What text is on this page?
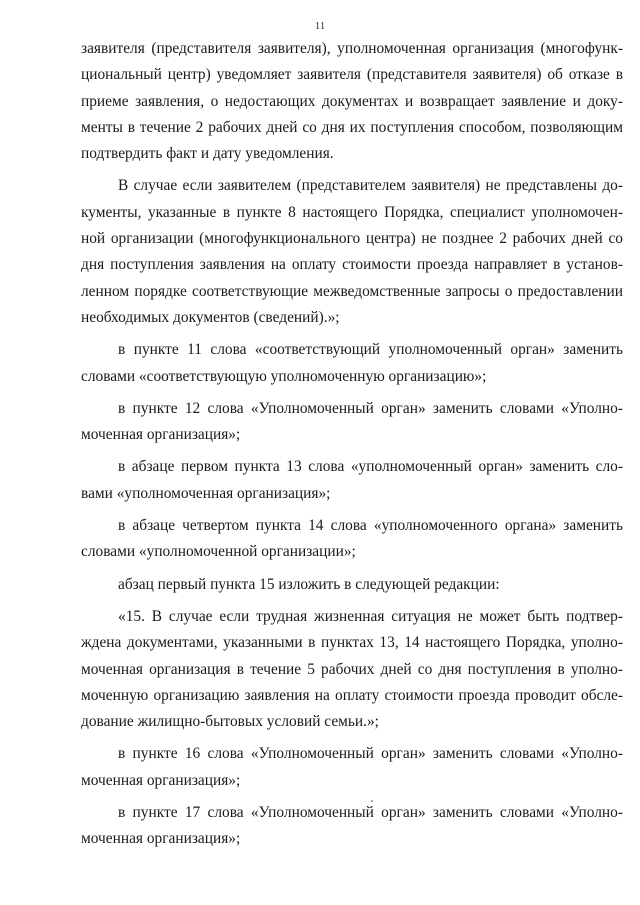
11
заявителя (представителя заявителя), уполномоченная организация (многофунк-
циональный центр) уведомляет заявителя (представителя заявителя) об отказе в
приеме заявления, о недостающих документах и возвращает заявление и доку-
менты в течение 2 рабочих дней со дня их поступления способом, позволяющим
подтвердить факт и дату уведомления.
В случае если заявителем (представителем заявителя) не представлены до-
кументы, указанные в пункте 8 настоящего Порядка, специалист уполномочен-
ной организации (многофункционального центра) не позднее 2 рабочих дней со
дня поступления заявления на оплату стоимости проезда направляет в установ-
ленном порядке соответствующие межведомственные запросы о предоставлении
необходимых документов (сведений).»;
в пункте 11 слова «соответствующий уполномоченный орган» заменить
словами «соответствующую уполномоченную организацию»;
в пункте 12 слова «Уполномоченный орган» заменить словами «Уполно-
моченная организация»;
в абзаце первом пункта 13 слова «уполномоченный орган» заменить сло-
вами «уполномоченная организация»;
в абзаце четвертом пункта 14 слова «уполномоченного органа» заменить
словами «уполномоченной организации»;
абзац первый пункта 15 изложить в следующей редакции:
«15. В случае если трудная жизненная ситуация не может быть подтвер-
ждена документами, указанными в пунктах 13, 14 настоящего Порядка, уполно-
моченная организация в течение 5 рабочих дней со дня поступления в уполно-
моченную организацию заявления на оплату стоимости проезда проводит обсле-
дование жилищно-бытовых условий семьи.»;
в пункте 16 слова «Уполномоченный орган» заменить словами «Уполно-
моченная организация»;
в пункте 17 слова «Уполномоченный орган» заменить словами «Уполно-
моченная организация»;
